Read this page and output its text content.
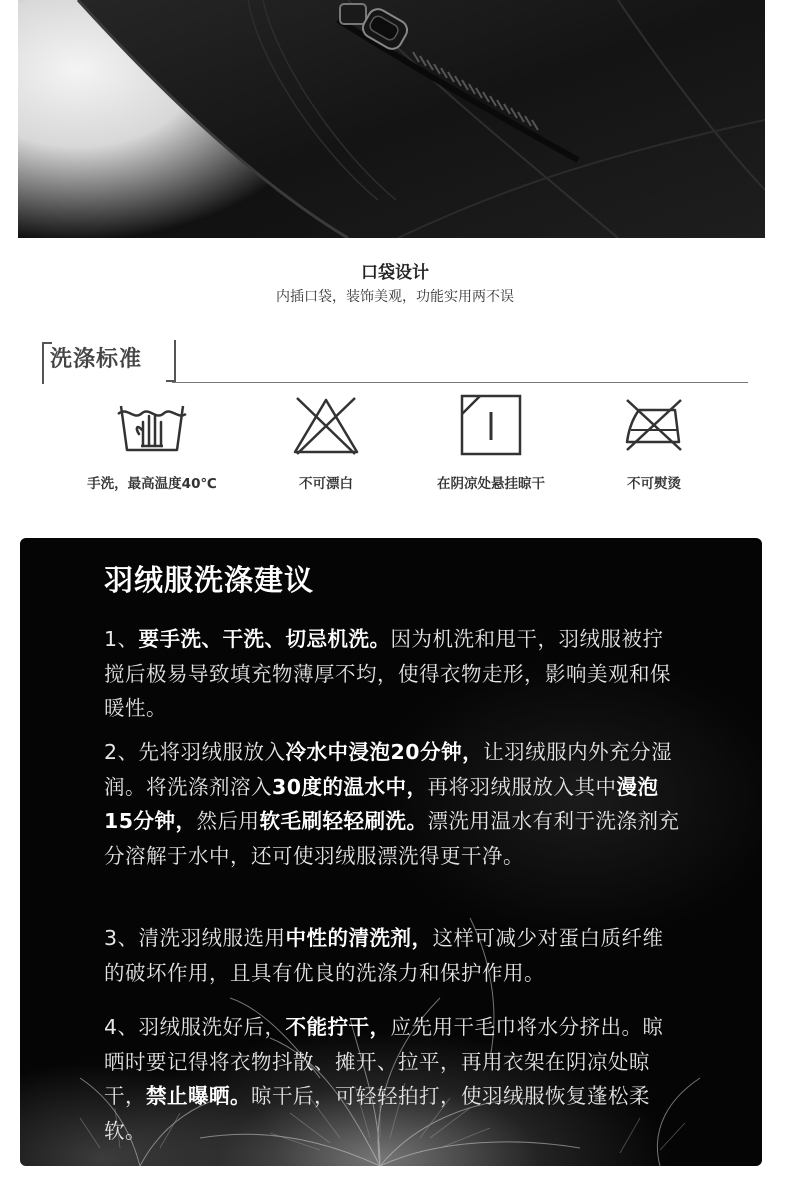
口袋设计
内插口袋，装饰美观，功能实用两不误
洗涤标准
手洗，最高温度40℃	不可漂白	在阴凉处悬挂晾干	不可熨烫
羽绒服洗涤建议

1、要手洗、干洗、切忌机洗。因为机洗和甩干，羽绒服被拧搅后极易导致填充物薄厚不均，使得衣物走形，影响美观和保暖性。

2、先将羽绒服放入冷水中浸泡20分钟，让羽绒服内外充分湿润。将洗涤剂溶入30度的温水中，再将羽绒服放入其中漫泡15分钟，然后用软毛刷轻轻刷洗。漂洗用温水有利于洗涤剂充分溶解于水中，还可使羽绒服漂洗得更干净。

3、清洗羽绒服选用中性的清洗剂，这样可减少对蛋白质纤维的破坏作用，且具有优良的洗涤力和保护作用。

4、羽绒服洗好后，不能拧干，应先用干毛巾将水分挤出。晾晒时要记得将衣物抖散、摊开、拉平，再用衣架在阴凉处晾干，禁止曝晒。晾干后，可轻轻拍打，使羽绒服恢复蓬松柔软。
